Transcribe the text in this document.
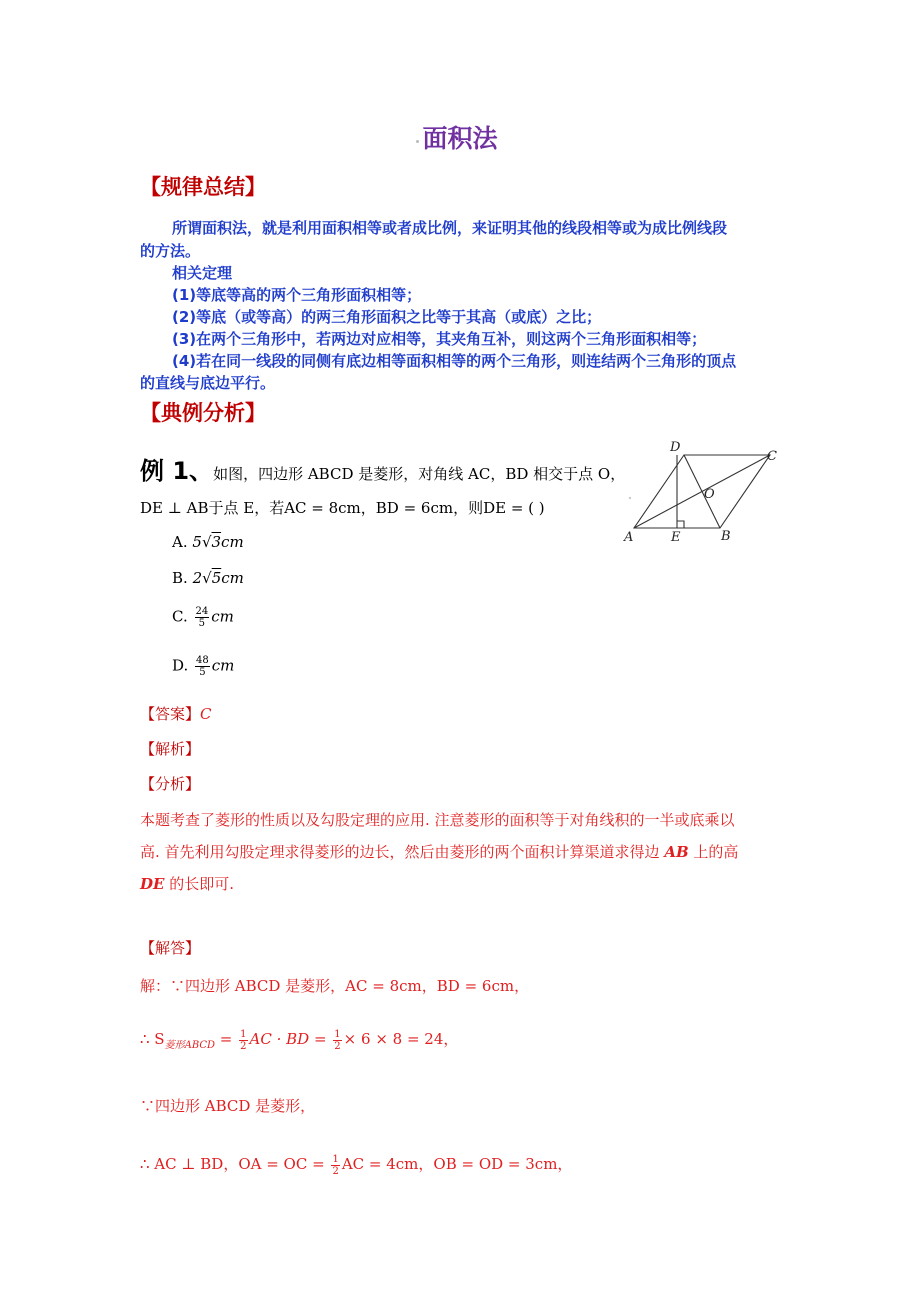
面积法
【规律总结】
所谓面积法，就是利用面积相等或者成比例，来证明其他的线段相等或为成比例线段
的方法。
相关定理
(1)等底等高的两个三角形面积相等；
(2)等底（或等高）的两三角形面积之比等于其高（或底）之比；
(3)在两个三角形中，若两边对应相等，其夹角互补，则这两个三角形面积相等；
(4)若在同一线段的同侧有底边相等面积相等的两个三角形，则连结两个三角形的顶点
的直线与底边平行。
【典例分析】
例 1、如图，四边形 ABCD 是菱形，对角线 AC，BD 相交于点 O，
DE ⊥ AB于点 E，若AC = 8cm，BD = 6cm，则DE = ( )
A. 5√3cm
B. 2√5cm
C. $\frac{24}{5}$ cm
D. $\frac{48}{5}$ cm
A	B
C
D
E
O
【答案】C
【解析】
【分析】
本题考查了菱形的性质以及勾股定理的应用. 注意菱形的面积等于对角线积的一半或底乘以
高. 首先利用勾股定理求得菱形的边长，然后由菱形的两个面积计算渠道求得边 AB 上的高
DE 的长即可.
【解答】
解：∵四边形 ABCD 是菱形，AC = 8cm，BD = 6cm，
∴ $S_{菱形ABCD} = \frac{1}{2}$ AC · BD = $\frac{1}{2} \times 6 \times 8 = 24$，
∵四边形 ABCD 是菱形，
∴ AC ⊥ BD，OA = OC = $\frac{1}{2}$ AC = 4cm，OB = OD = 3cm，
